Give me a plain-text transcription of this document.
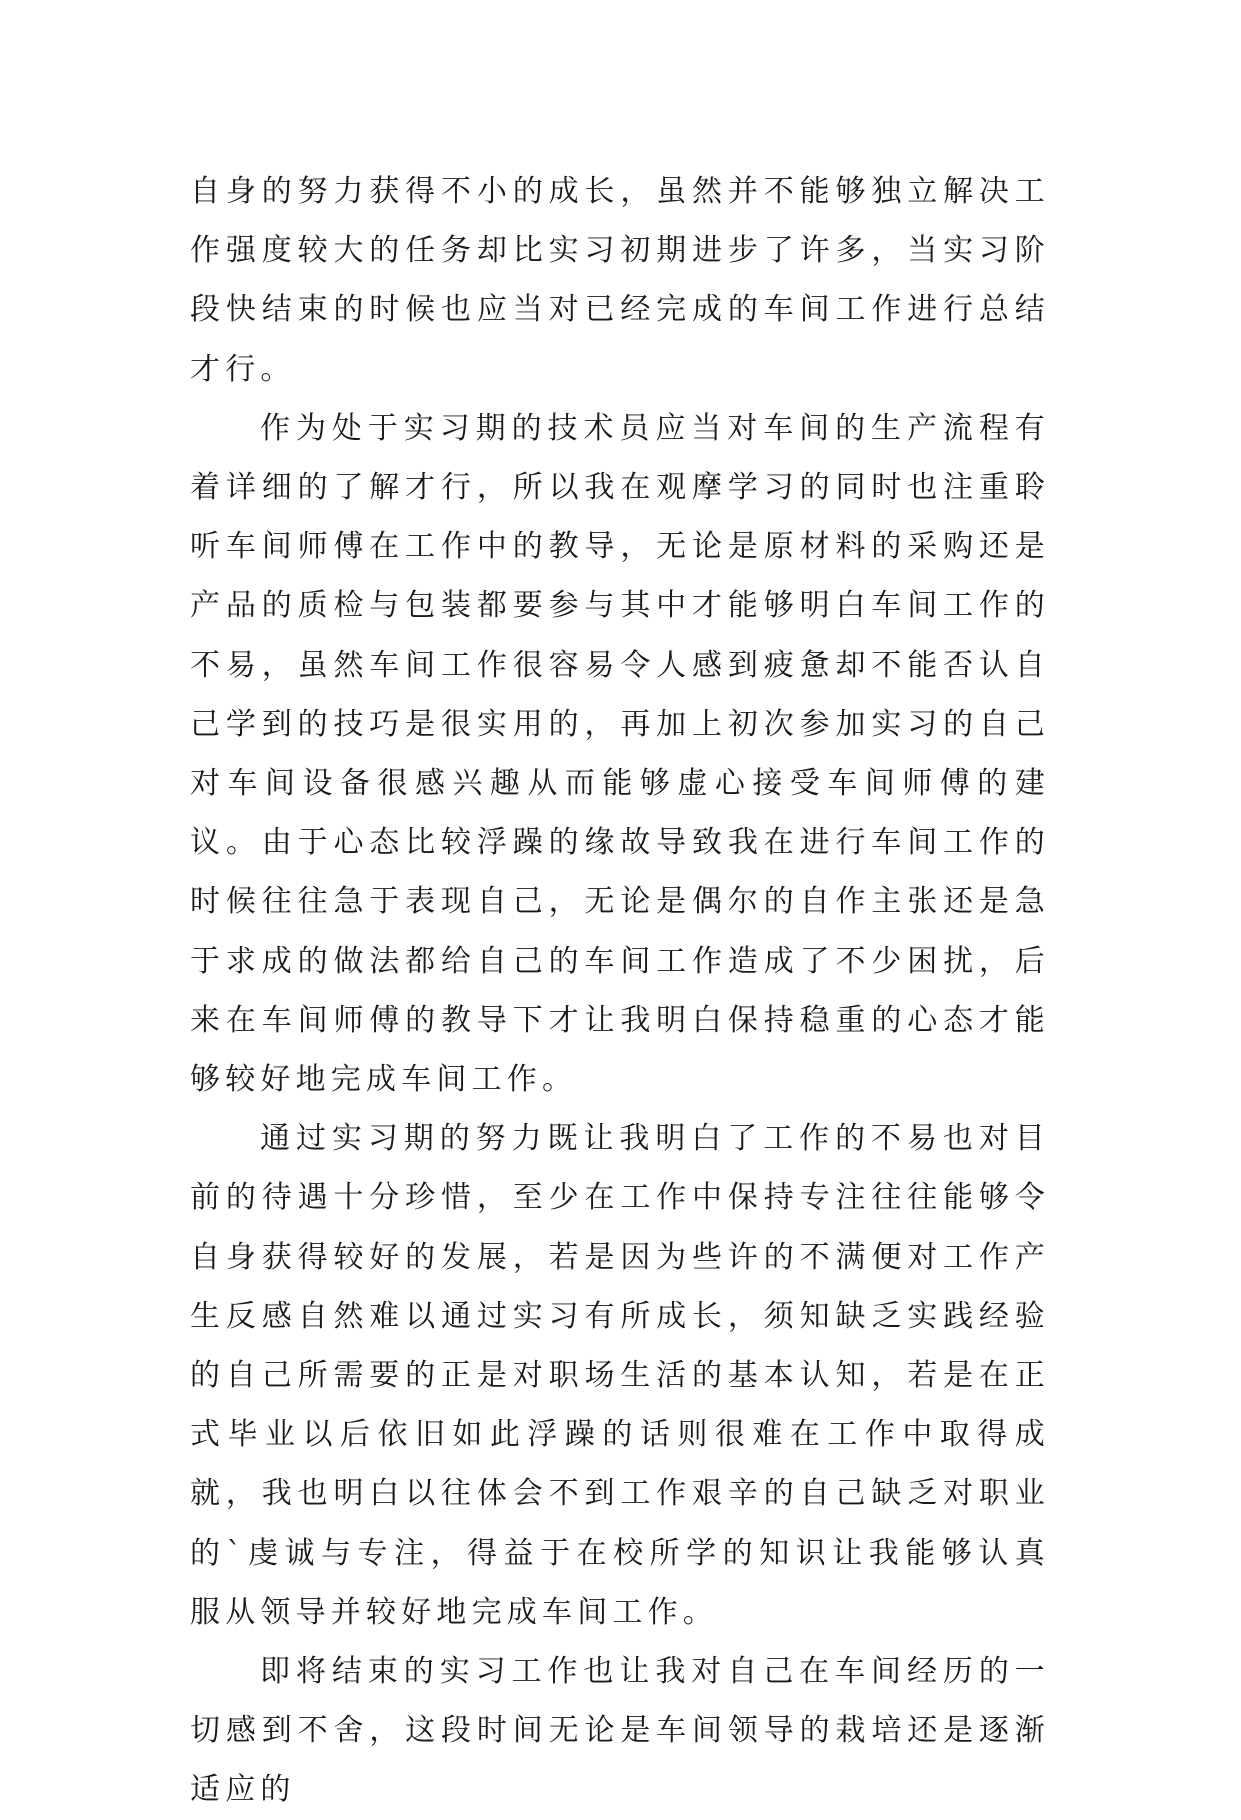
自身的努力获得不小的成长，虽然并不能够独立解决工作强度较大的任务却比实习初期进步了许多，当实习阶段快结束的时候也应当对已经完成的车间工作进行总结才行。

作为处于实习期的技术员应当对车间的生产流程有着详细的了解才行，所以我在观摩学习的同时也注重聆听车间师傅在工作中的教导，无论是原材料的采购还是产品的质检与包装都要参与其中才能够明白车间工作的不易，虽然车间工作很容易令人感到疲惫却不能否认自己学到的技巧是很实用的，再加上初次参加实习的自己对车间设备很感兴趣从而能够虚心接受车间师傅的建议。由于心态比较浮躁的缘故导致我在进行车间工作的时候往往急于表现自己，无论是偶尔的自作主张还是急于求成的做法都给自己的车间工作造成了不少困扰，后来在车间师傅的教导下才让我明白保持稳重的心态才能够较好地完成车间工作。

通过实习期的努力既让我明白了工作的不易也对目前的待遇十分珍惜，至少在工作中保持专注往往能够令自身获得较好的发展，若是因为些许的不满便对工作产生反感自然难以通过实习有所成长，须知缺乏实践经验的自己所需要的正是对职场生活的基本认知，若是在正式毕业以后依旧如此浮躁的话则很难在工作中取得成就，我也明白以往体会不到工作艰辛的自己缺乏对职业的`虔诚与专注，得益于在校所学的知识让我能够认真服从领导并较好地完成车间工作。

即将结束的实习工作也让我对自己在车间经历的一切感到不舍，这段时间无论是车间领导的栽培还是逐渐适应的
